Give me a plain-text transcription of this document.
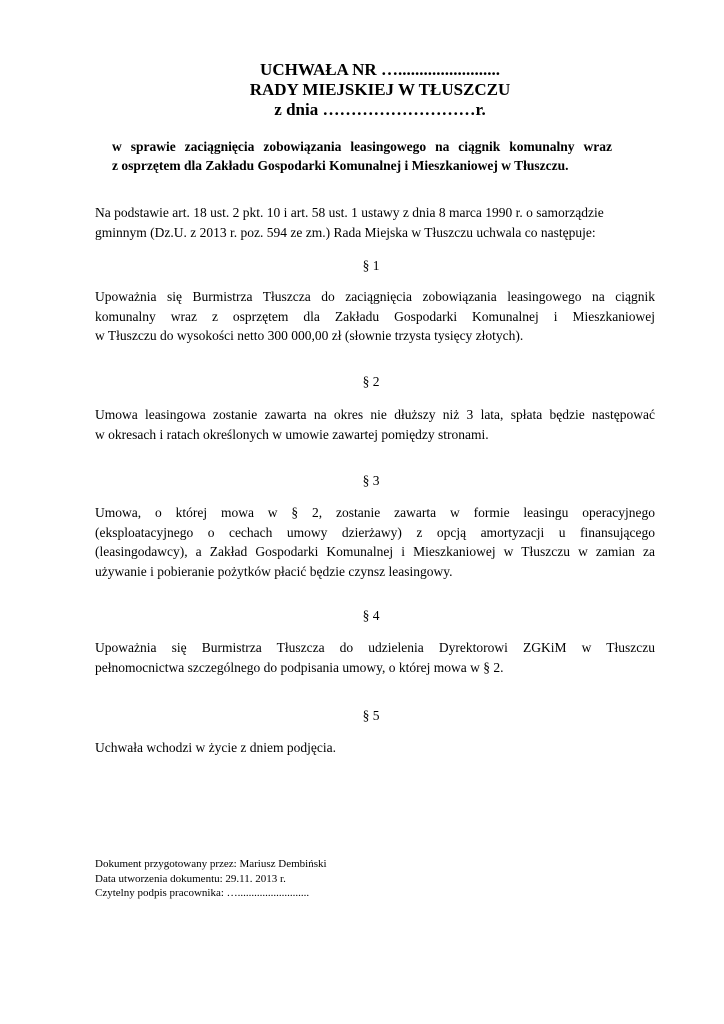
UCHWAŁA NR …........................
RADY MIEJSKIEJ W TŁUSZCZU
z dnia ………………………r.
w sprawie zaciągnięcia zobowiązania leasingowego na ciągnik komunalny wraz
z osprzętem dla Zakładu Gospodarki Komunalnej i Mieszkaniowej w Tłuszczu.
Na podstawie art. 18 ust. 2 pkt. 10 i art. 58 ust. 1 ustawy z dnia 8 marca 1990 r. o samorządzie
gminnym (Dz.U. z 2013 r. poz. 594 ze zm.) Rada Miejska w Tłuszczu uchwala co następuje:
§ 1
Upoważnia się Burmistrza Tłuszcza do zaciągnięcia zobowiązania leasingowego na ciągnik
komunalny wraz z osprzętem dla Zakładu Gospodarki Komunalnej i Mieszkaniowej
w Tłuszczu do wysokości netto 300 000,00 zł (słownie trzysta tysięcy złotych).
§ 2
Umowa leasingowa zostanie zawarta na okres nie dłuższy niż 3 lata, spłata będzie następować
w okresach i ratach określonych w umowie zawartej pomiędzy stronami.
§ 3
Umowa, o której mowa w § 2, zostanie zawarta w formie leasingu operacyjnego
(eksploatacyjnego o cechach umowy dzierżawy) z opcją amortyzacji u finansującego
(leasingodawcy), a Zakład Gospodarki Komunalnej i Mieszkaniowej w Tłuszczu w zamian za
używanie i pobieranie pożytków płacić będzie czynsz leasingowy.
§ 4
Upoważnia się Burmistrza Tłuszcza do udzielenia Dyrektorowi ZGKiM w Tłuszczu
pełnomocnictwa szczególnego do podpisania umowy, o której mowa w § 2.
§ 5
Uchwała wchodzi w życie z dniem podjęcia.
Dokument przygotowany przez: Mariusz Dembiński
Data utworzenia dokumentu: 29.11. 2013 r.
Czytelny podpis pracownika: …..........................
